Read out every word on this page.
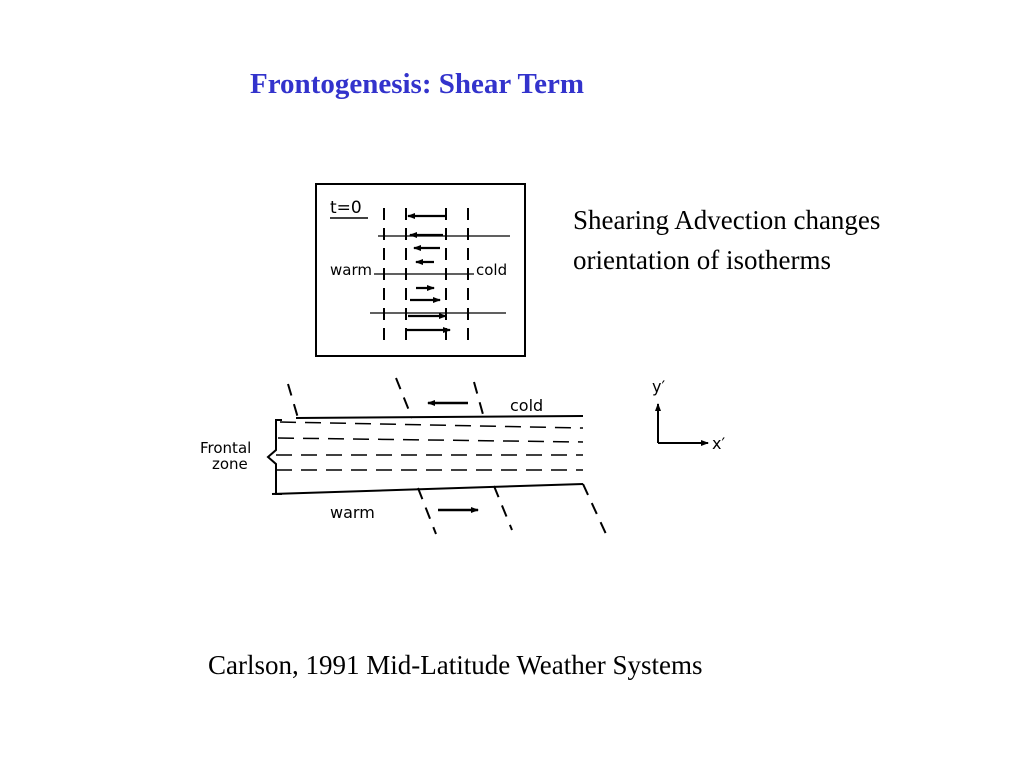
Frontogenesis: Shear Term
Shearing Advection changes
orientation of isotherms
t=0
warm	cold
cold
warm
Frontal
zone
y′
x′
Carlson, 1991 Mid-Latitude Weather Systems
